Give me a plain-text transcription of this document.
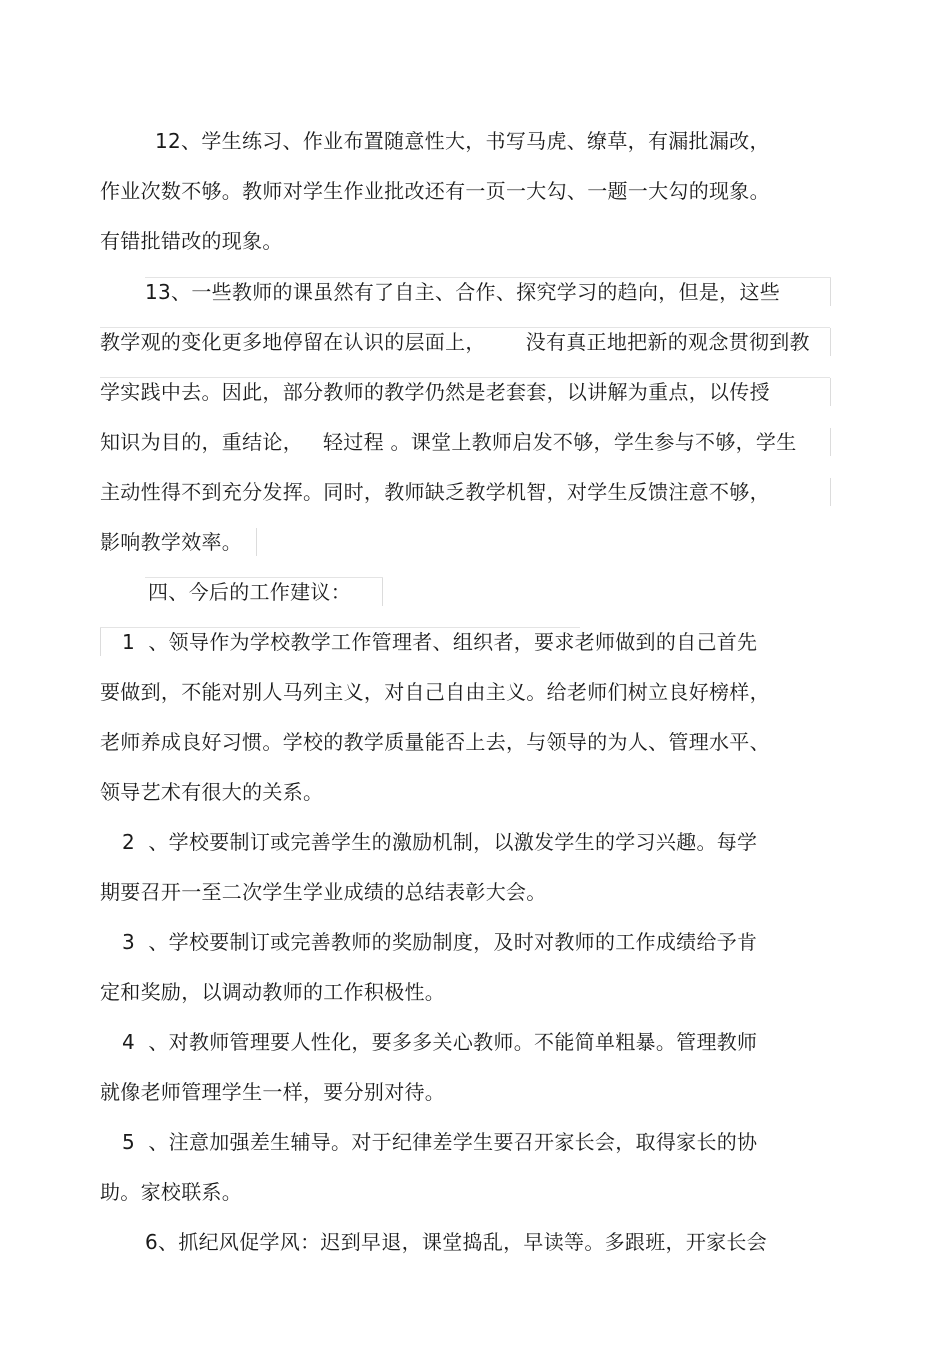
12、学生练习、作业布置随意性大，书写马虎、缭草，有漏批漏改，
作业次数不够。教师对学生作业批改还有一页一大勾、一题一大勾的现象。
有错批错改的现象。
13、一些教师的课虽然有了自主、合作、探究学习的趋向，但是，这些
教学观的变化更多地停留在认识的层面上，      没有真正地把新的观念贯彻到教
学实践中去。因此，部分教师的教学仍然是老套套，以讲解为重点，以传授
知识为目的，重结论，   轻过程 。课堂上教师启发不够，学生参与不够，学生
主动性得不到充分发挥。同时，教师缺乏教学机智，对学生反馈注意不够，
影响教学效率。
四、今后的工作建议：
1  、领导作为学校教学工作管理者、组织者，要求老师做到的自己首先
要做到，不能对别人马列主义，对自己自由主义。给老师们树立良好榜样，
老师养成良好习惯。学校的教学质量能否上去，与领导的为人、管理水平、
领导艺术有很大的关系。
2  、学校要制订或完善学生的激励机制，以激发学生的学习兴趣。每学
期要召开一至二次学生学业成绩的总结表彰大会。
3  、学校要制订或完善教师的奖励制度，及时对教师的工作成绩给予肯
定和奖励，以调动教师的工作积极性。
4  、对教师管理要人性化，要多多关心教师。不能简单粗暴。管理教师
就像老师管理学生一样，要分别对待。
5  、注意加强差生辅导。对于纪律差学生要召开家长会，取得家长的协
助。家校联系。
6、抓纪风促学风：迟到早退，课堂捣乱，早读等。多跟班，开家长会
